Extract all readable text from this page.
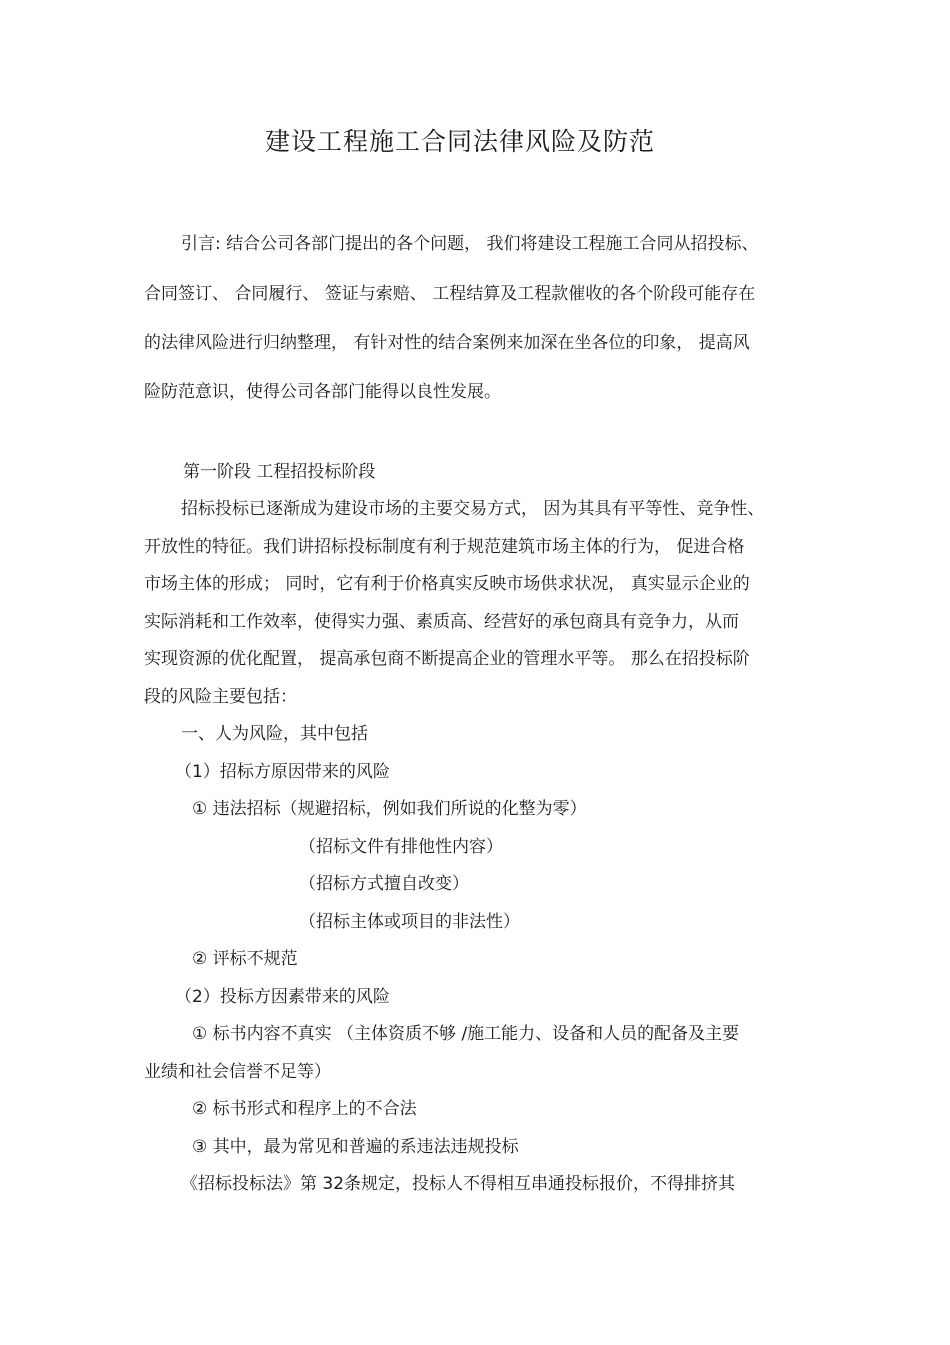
建设工程施工合同法律风险及防范
引言: 结合公司各部门提出的各个问题， 我们将建设工程施工合同从招投标、
合同签订、 合同履行、 签证与索赔、 工程结算及工程款催收的各个阶段可能存在
的法律风险进行归纳整理， 有针对性的结合案例来加深在坐各位的印象， 提高风
险防范意识，使得公司各部门能得以良性发展。
第一阶段 工程招投标阶段
招标投标已逐渐成为建设市场的主要交易方式， 因为其具有平等性、竞争性、
开放性的特征。我们讲招标投标制度有利于规范建筑市场主体的行为， 促进合格
市场主体的形成； 同时，它有利于价格真实反映市场供求状况， 真实显示企业的
实际消耗和工作效率，使得实力强、素质高、经营好的承包商具有竞争力，从而
实现资源的优化配置， 提高承包商不断提高企业的管理水平等。 那么在招投标阶
段的风险主要包括：
一、人为风险，其中包括
（1）招标方原因带来的风险
① 违法招标（规避招标，例如我们所说的化整为零）
（招标文件有排他性内容）
（招标方式擅自改变）
（招标主体或项目的非法性）
② 评标不规范
（2）投标方因素带来的风险
① 标书内容不真实 （主体资质不够 /施工能力、设备和人员的配备及主要
业绩和社会信誉不足等）
② 标书形式和程序上的不合法
③ 其中，最为常见和普遍的系违法违规投标
《招标投标法》第 32条规定，投标人不得相互串通投标报价，不得排挤其
